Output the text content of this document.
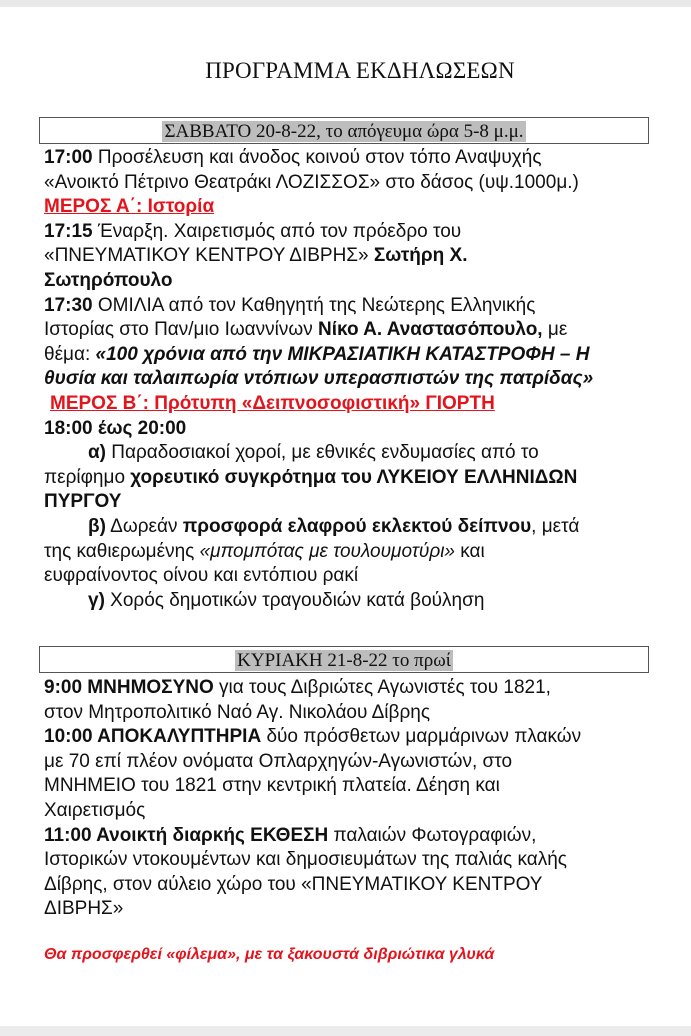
ΠΡΟΓΡΑΜΜΑ ΕΚΔΗΛΩΣΕΩΝ
ΣΑΒΒΑΤΟ 20-8-22, το απόγευμα ώρα 5-8 μ.μ.
17:00 Προσέλευση και άνοδος κοινού στον τόπο Αναψυχής
«Ανοικτό Πέτρινο Θεατράκι ΛΟΖΙΣΣΟΣ» στο δάσος (υψ.1000μ.)
ΜΕΡΟΣ Α΄: Ιστορία
17:15 Έναρξη. Χαιρετισμός από τον πρόεδρο του
«ΠΝΕΥΜΑΤΙΚΟΥ ΚΕΝΤΡΟΥ ΔΙΒΡΗΣ» Σωτήρη Χ.
Σωτηρόπουλο
17:30 ΟΜΙΛΙΑ από τον Καθηγητή της Νεώτερης Ελληνικής
Ιστορίας στο Παν/μιο Ιωαννίνων Νίκο Α. Αναστασόπουλο, με
θέμα: «100 χρόνια από την ΜΙΚΡΑΣΙΑΤΙΚΗ ΚΑΤΑΣΤΡΟΦΗ – Η
θυσία και ταλαιπωρία ντόπιων υπερασπιστών της πατρίδας»
ΜΕΡΟΣ Β΄: Πρότυπη «Δειπνοσοφιστική» ΓΙΟΡΤΗ
18:00 έως 20:00
α) Παραδοσιακοί χοροί, με εθνικές ενδυμασίες από το
περίφημο χορευτικό συγκρότημα του ΛΥΚΕΙΟΥ ΕΛΛΗΝΙΔΩΝ
ΠΥΡΓΟΥ
β) Δωρεάν προσφορά ελαφρού εκλεκτού δείπνου, μετά
της καθιερωμένης «μπομπότας με τουλουμοτύρι» και
ευφραίνοντος οίνου και εντόπιου ρακί
γ) Χορός δημοτικών τραγουδιών κατά βούληση
ΚΥΡΙΑΚΗ 21-8-22 το πρωί
9:00 ΜΝΗΜΟΣΥΝΟ για τους Διβριώτες Αγωνιστές του 1821,
στον Μητροπολιτικό Ναό Αγ. Νικολάου Δίβρης
10:00 ΑΠΟΚΑΛΥΠΤΗΡΙΑ δύο πρόσθετων μαρμάρινων πλακών
με 70 επί πλέον ονόματα Οπλαρχηγών-Αγωνιστών, στο
ΜΝΗΜΕΙΟ του 1821 στην κεντρική πλατεία. Δέηση και
Χαιρετισμός
11:00 Ανοικτή διαρκής ΕΚΘΕΣΗ παλαιών Φωτογραφιών,
Ιστορικών ντοκουμέντων και δημοσιευμάτων της παλιάς καλής
Δίβρης, στον αύλειο χώρο του «ΠΝΕΥΜΑΤΙΚΟΥ ΚΕΝΤΡΟΥ
ΔΙΒΡΗΣ»
Θα προσφερθεί «φίλεμα», με τα ξακουστά διβριώτικα γλυκά
